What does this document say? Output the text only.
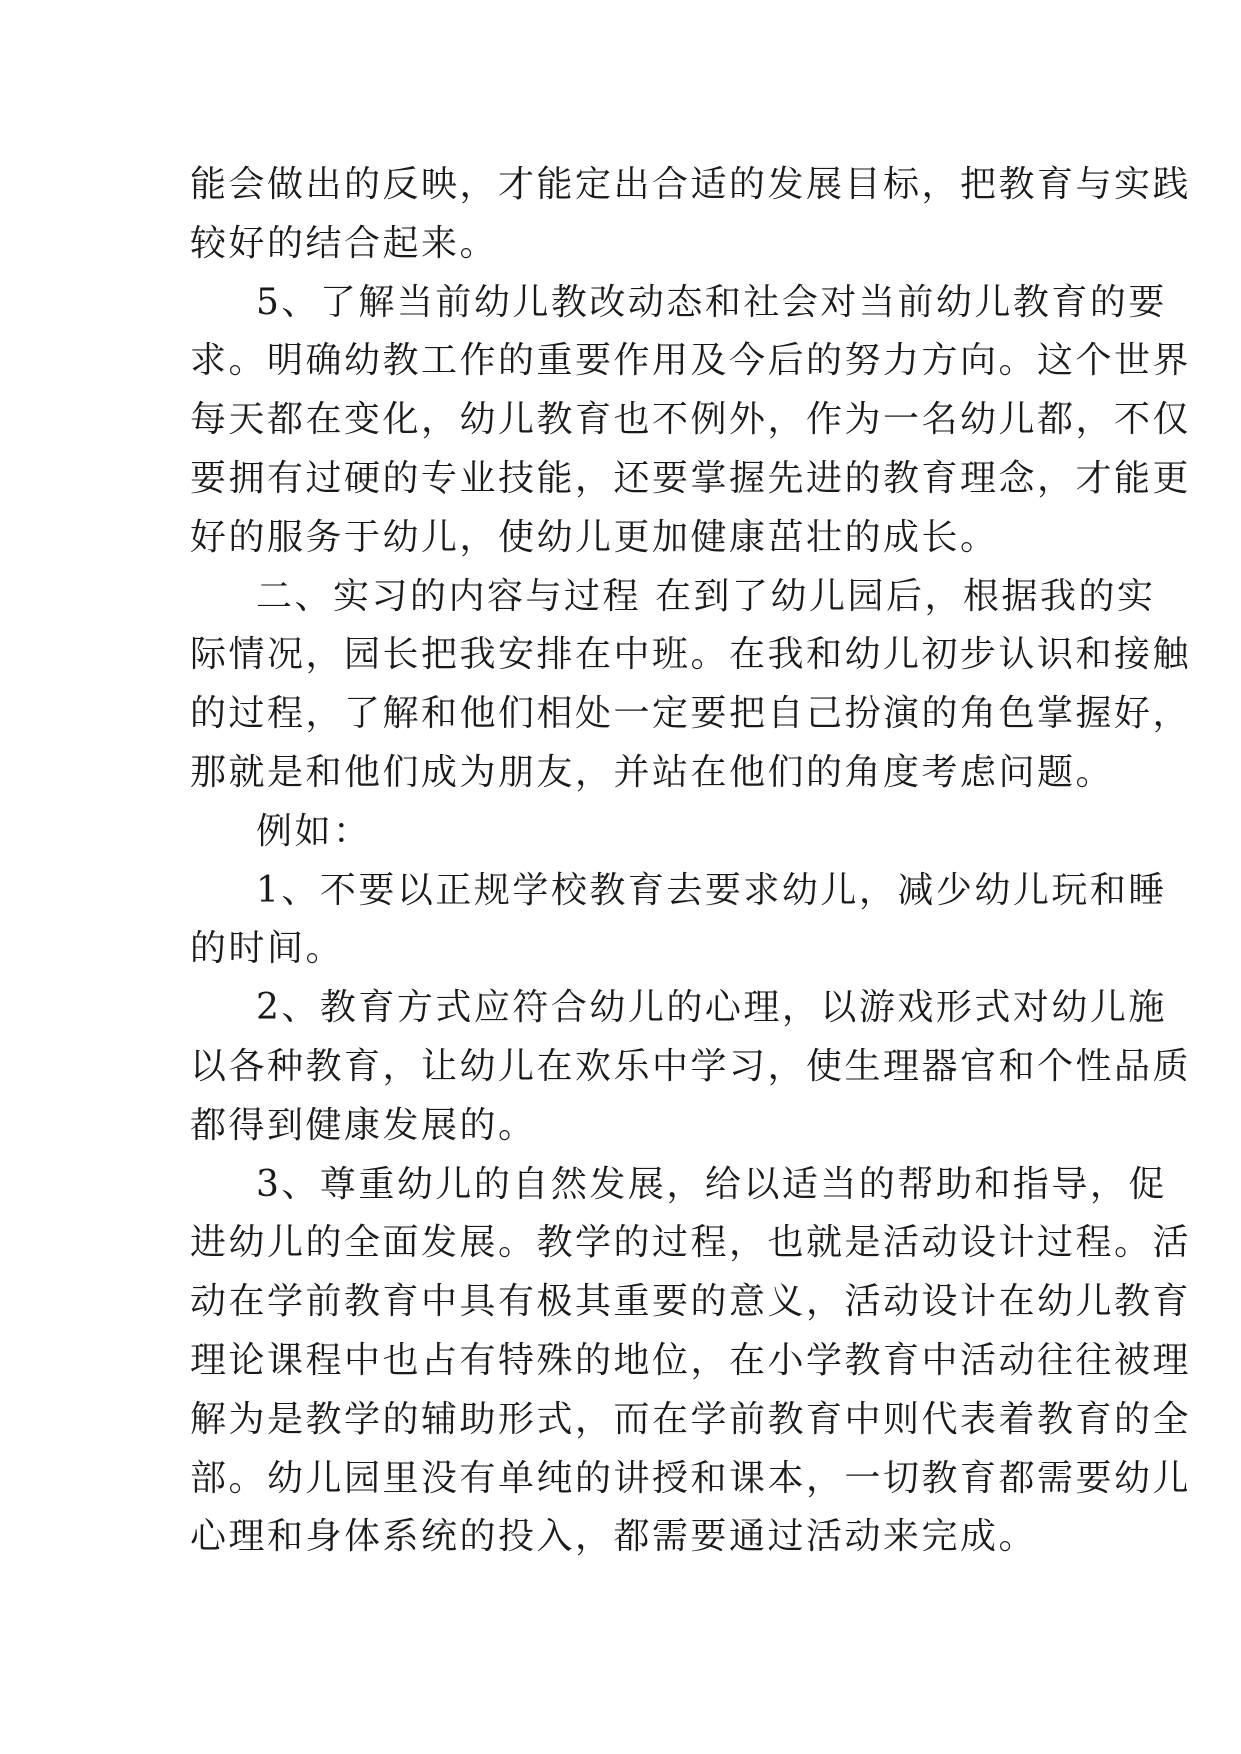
能会做出的反映，才能定出合适的发展目标，把教育与实践
较好的结合起来。
5、了解当前幼儿教改动态和社会对当前幼儿教育的要
求。明确幼教工作的重要作用及今后的努力方向。这个世界
每天都在变化，幼儿教育也不例外，作为一名幼儿都，不仅
要拥有过硬的专业技能，还要掌握先进的教育理念，才能更
好的服务于幼儿，使幼儿更加健康茁壮的成长。
二、实习的内容与过程 在到了幼儿园后，根据我的实
际情况，园长把我安排在中班。在我和幼儿初步认识和接触
的过程，了解和他们相处一定要把自己扮演的角色掌握好，
那就是和他们成为朋友，并站在他们的角度考虑问题。
例如：
1、不要以正规学校教育去要求幼儿，减少幼儿玩和睡
的时间。
2、教育方式应符合幼儿的心理，以游戏形式对幼儿施
以各种教育，让幼儿在欢乐中学习，使生理器官和个性品质
都得到健康发展的。
3、尊重幼儿的自然发展，给以适当的帮助和指导，促
进幼儿的全面发展。教学的过程，也就是活动设计过程。活
动在学前教育中具有极其重要的意义，活动设计在幼儿教育
理论课程中也占有特殊的地位，在小学教育中活动往往被理
解为是教学的辅助形式，而在学前教育中则代表着教育的全
部。幼儿园里没有单纯的讲授和课本，一切教育都需要幼儿
心理和身体系统的投入，都需要通过活动来完成。
